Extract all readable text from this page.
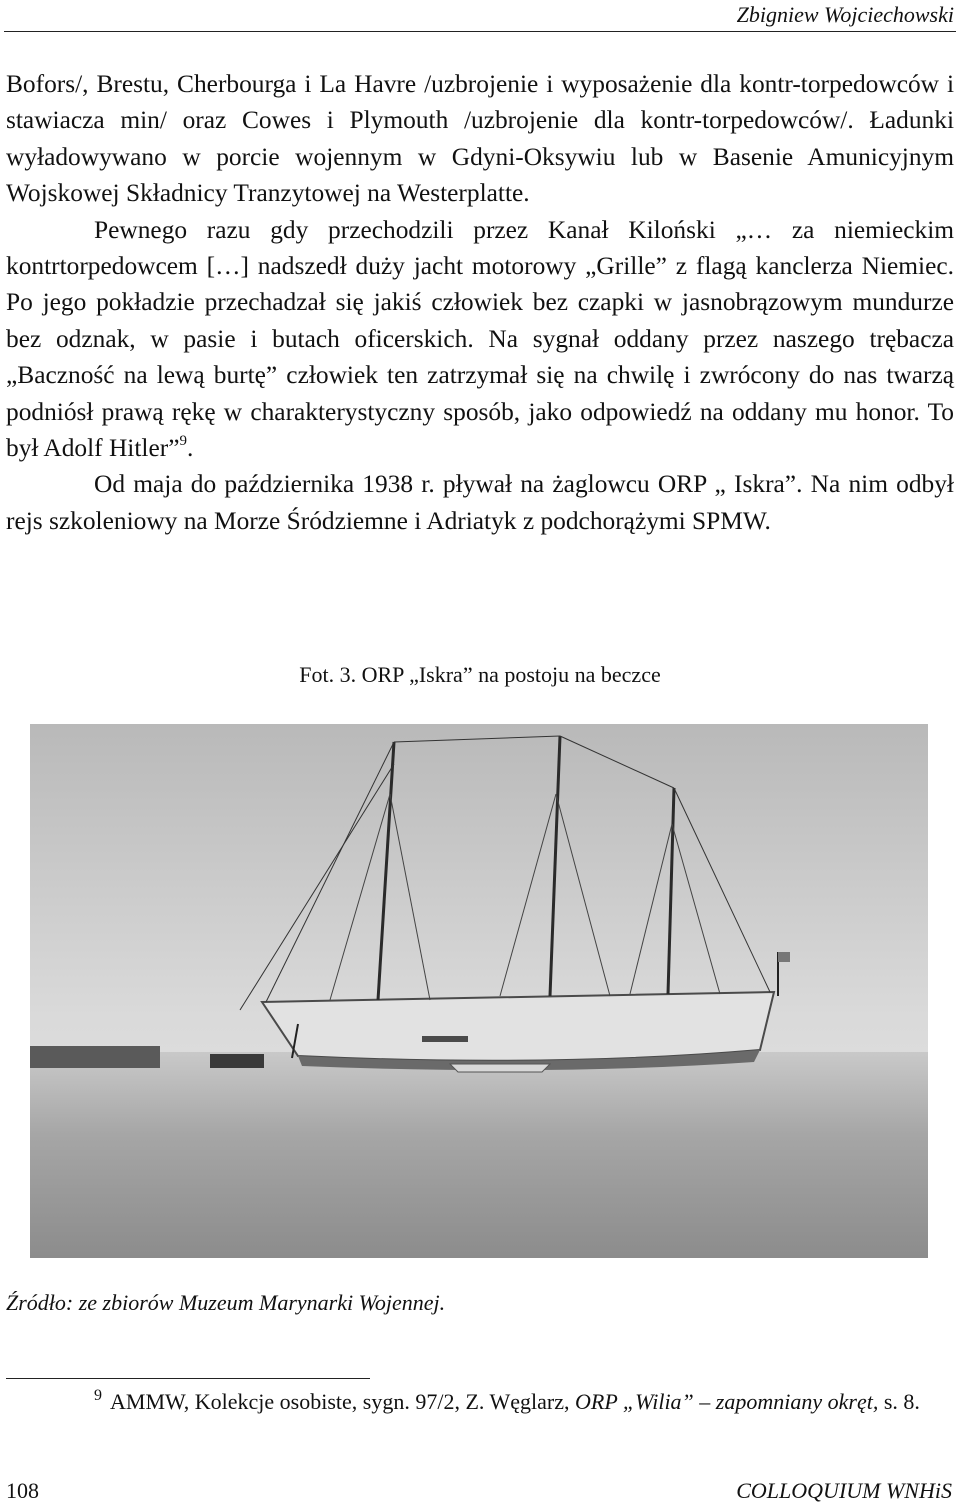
Zbigniew Wojciechowski

Bofors/, Brestu, Cherbourga i La Havre /uzbrojenie i wyposażenie dla kontr-torpedowców i stawiacza min/ oraz Cowes i Plymouth /uzbrojenie dla kontr-torpedowców/. Ładunki wyładowywano w porcie wojennym w Gdyni-Oksywiu lub w Basenie Amunicyjnym Wojskowej Składnicy Tranzytowej na Westerplatte.

Pewnego razu gdy przechodzili przez Kanał Kiloński „… za niemieckim kontrtorpedowcem […] nadszedł duży jacht motorowy „Grille” z flagą kanclerza Niemiec. Po jego pokładzie przechadzał się jakiś człowiek bez czapki w jasnobrązowym mundurze bez odznak, w pasie i butach oficerskich. Na sygnał oddany przez naszego trębacza „Baczność na lewą burtę” człowiek ten zatrzymał się na chwilę i zwrócony do nas twarzą podniósł prawą rękę w charakterystyczny sposób, jako odpowiedź na oddany mu honor. To był Adolf Hitler”$^9$.

Od maja do października 1938 r. pływał na żaglowcu ORP „ Iskra”. Na nim odbył rejs szkoleniowy na Morze Śródziemne i Adriatyk z podchorążymi SPMW.

Fot. 3. ORP „Iskra” na postoju na beczce
Źródło: ze zbiorów Muzeum Marynarki Wojennej.
$^9$ AMMW, Kolekcje osobiste, sygn. 97/2, Z. Węglarz, ORP „Wilia” – zapomniany okręt, s. 8.
108	COLLOQUIUM WNHiS
